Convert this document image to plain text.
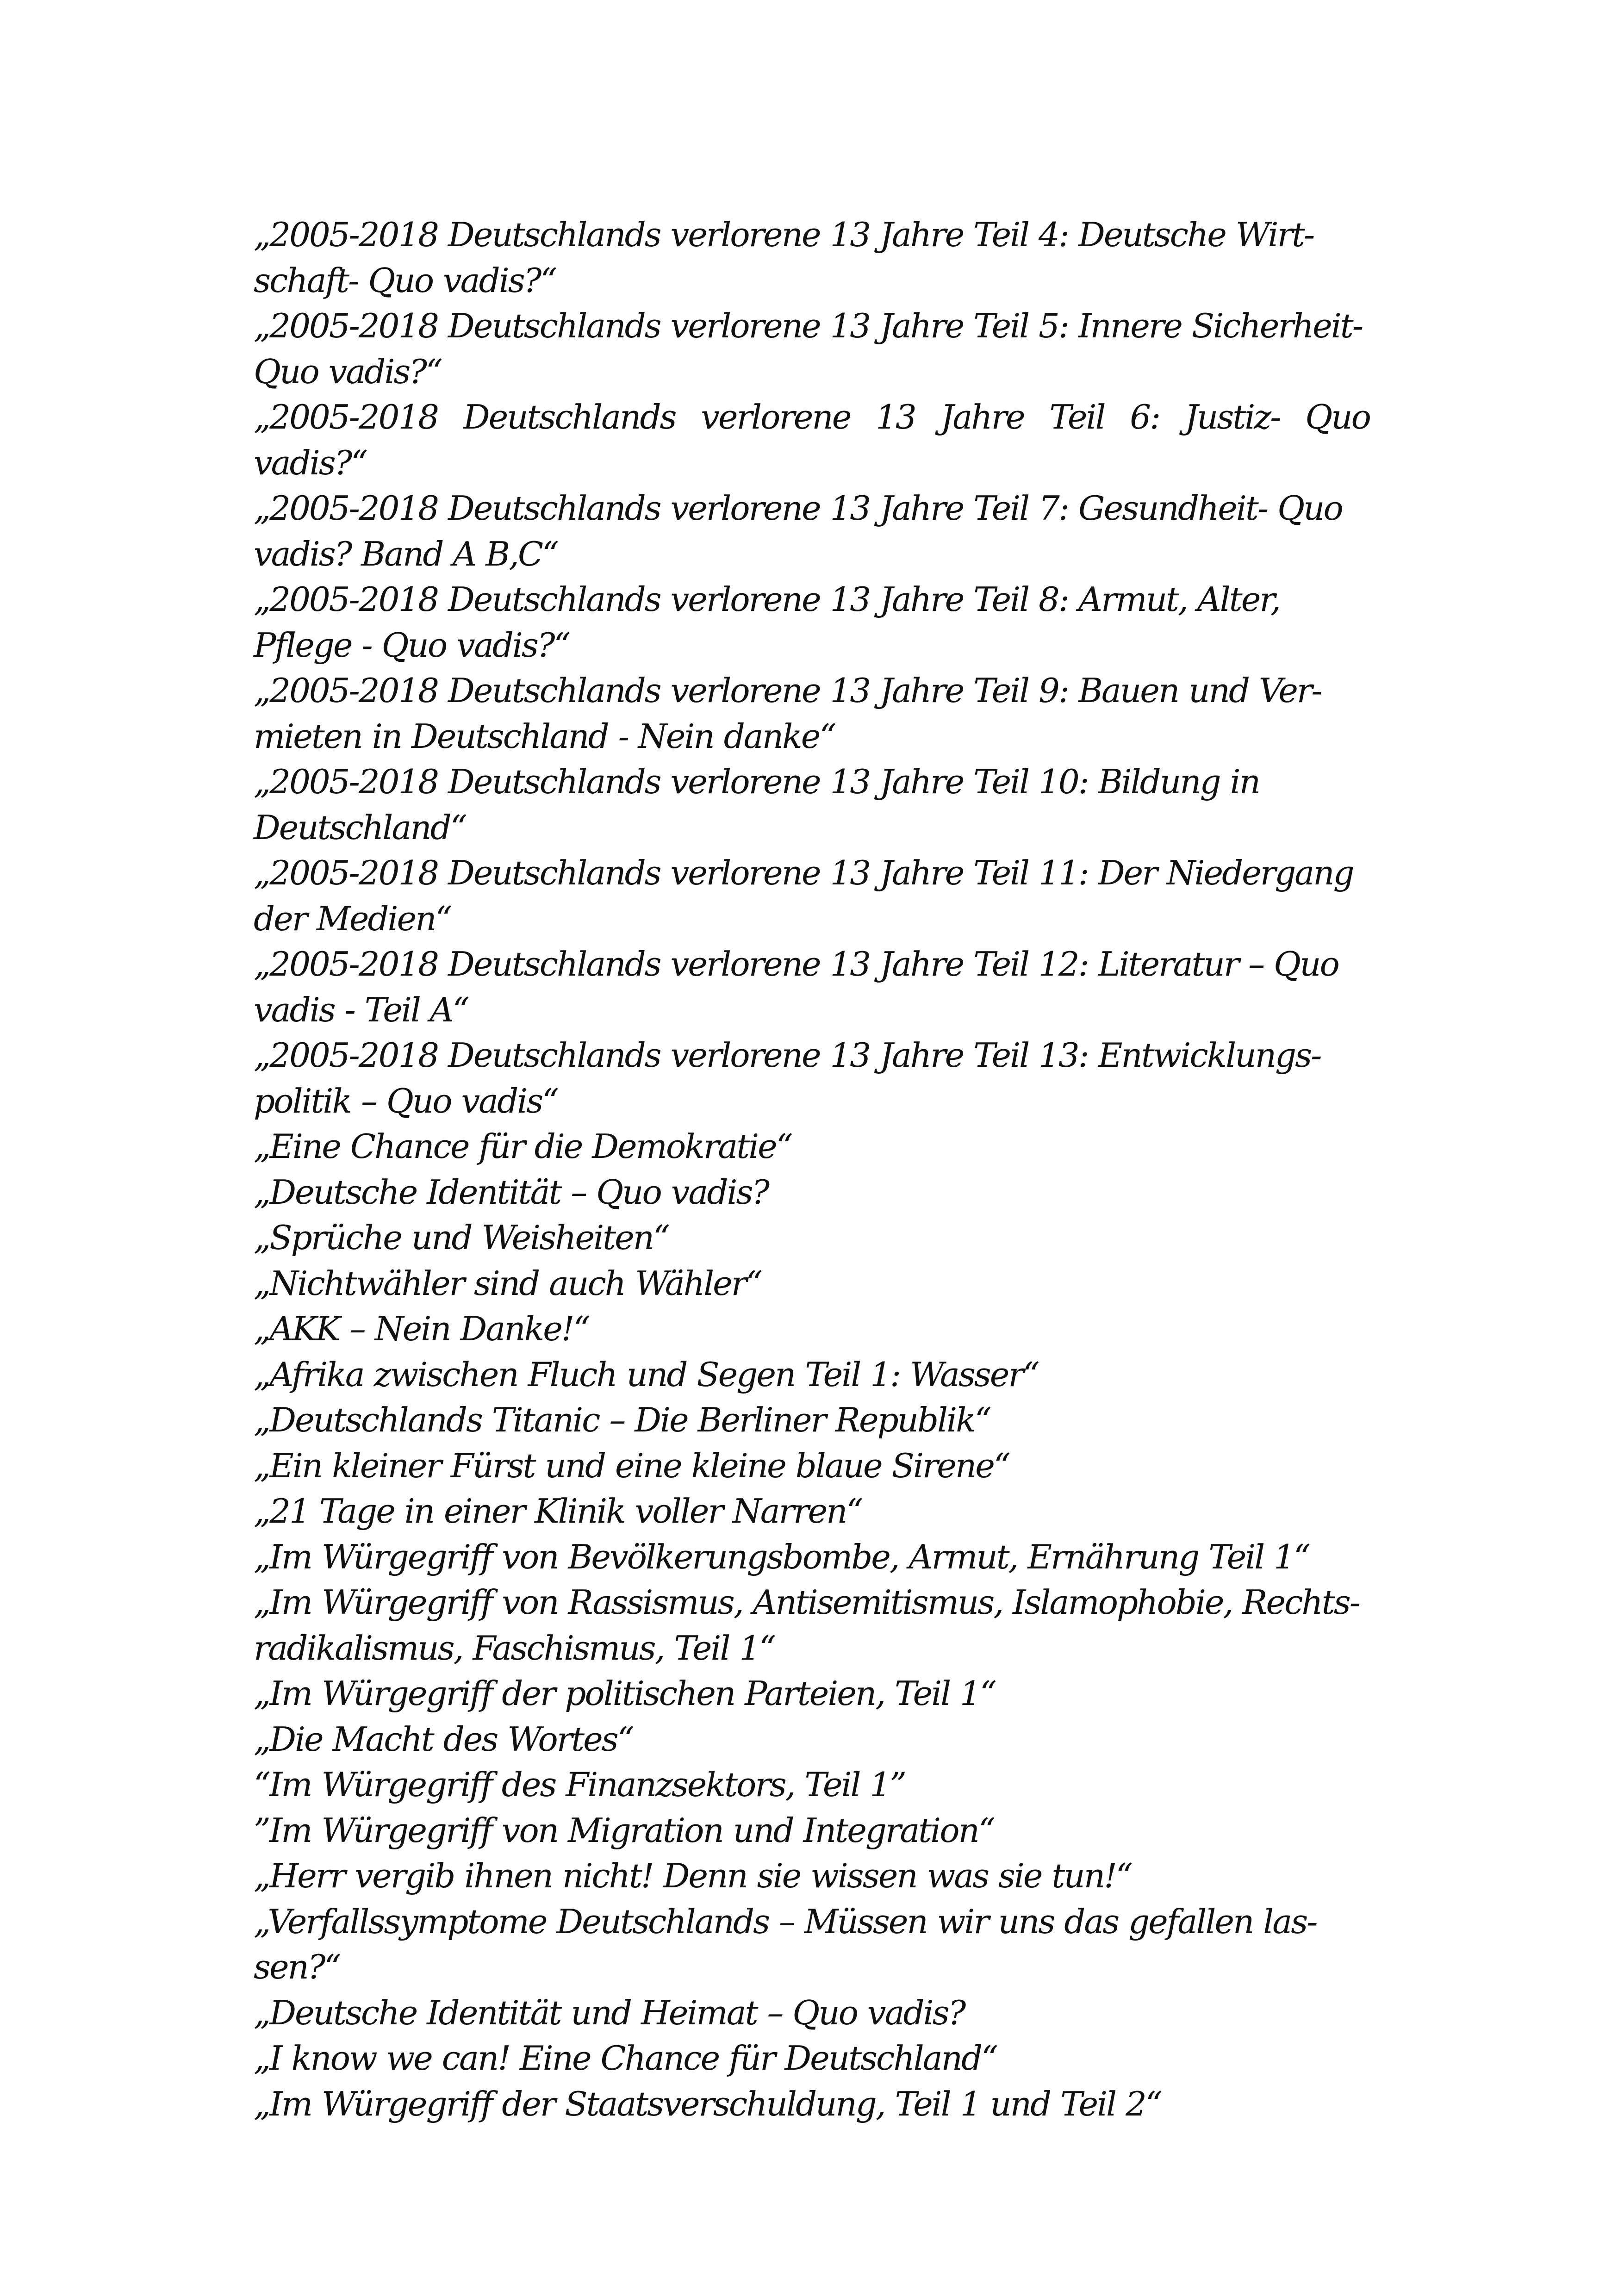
„2005-2018 Deutschlands verlorene 13 Jahre Teil 4: Deutsche Wirt-
schaft- Quo vadis?“
„2005-2018 Deutschlands verlorene 13 Jahre Teil 5: Innere Sicherheit-
Quo vadis?“
„2005-2018 Deutschlands verlorene 13 Jahre Teil 6: Justiz- Quo vadis?“
„2005-2018 Deutschlands verlorene 13 Jahre Teil 7: Gesundheit- Quo
vadis? Band A B,C“
„2005-2018 Deutschlands verlorene 13 Jahre Teil 8: Armut, Alter,
Pflege - Quo vadis?“
„2005-2018 Deutschlands verlorene 13 Jahre Teil 9: Bauen und Ver-
mieten in Deutschland - Nein danke“
„2005-2018 Deutschlands verlorene 13 Jahre Teil 10: Bildung in
Deutschland“
„2005-2018 Deutschlands verlorene 13 Jahre Teil 11: Der Niedergang
der Medien“
„2005-2018 Deutschlands verlorene 13 Jahre Teil 12: Literatur – Quo
vadis - Teil A“
„2005-2018 Deutschlands verlorene 13 Jahre Teil 13: Entwicklungs-
politik – Quo vadis“
„Eine Chance für die Demokratie“
„Deutsche Identität – Quo vadis?
„Sprüche und Weisheiten“
„Nichtwähler sind auch Wähler“
„AKK – Nein Danke!“
„Afrika zwischen Fluch und Segen Teil 1: Wasser“
„Deutschlands Titanic – Die Berliner Republik“
„Ein kleiner Fürst und eine kleine blaue Sirene“
„21 Tage in einer Klinik voller Narren“
„Im Würgegriff von Bevölkerungsbombe, Armut, Ernährung Teil 1“
„Im Würgegriff von Rassismus, Antisemitismus, Islamophobie, Rechts-
radikalismus, Faschismus, Teil 1“
„Im Würgegriff der politischen Parteien, Teil 1“
„Die Macht des Wortes“
“Im Würgegriff des Finanzsektors, Teil 1”
”Im Würgegriff von Migration und Integration“
„Herr vergib ihnen nicht! Denn sie wissen was sie tun!“
„Verfallssymptome Deutschlands – Müssen wir uns das gefallen las-
sen?“
„Deutsche Identität und Heimat – Quo vadis?
„I know we can! Eine Chance für Deutschland“
„Im Würgegriff der Staatsverschuldung, Teil 1 und Teil 2“
